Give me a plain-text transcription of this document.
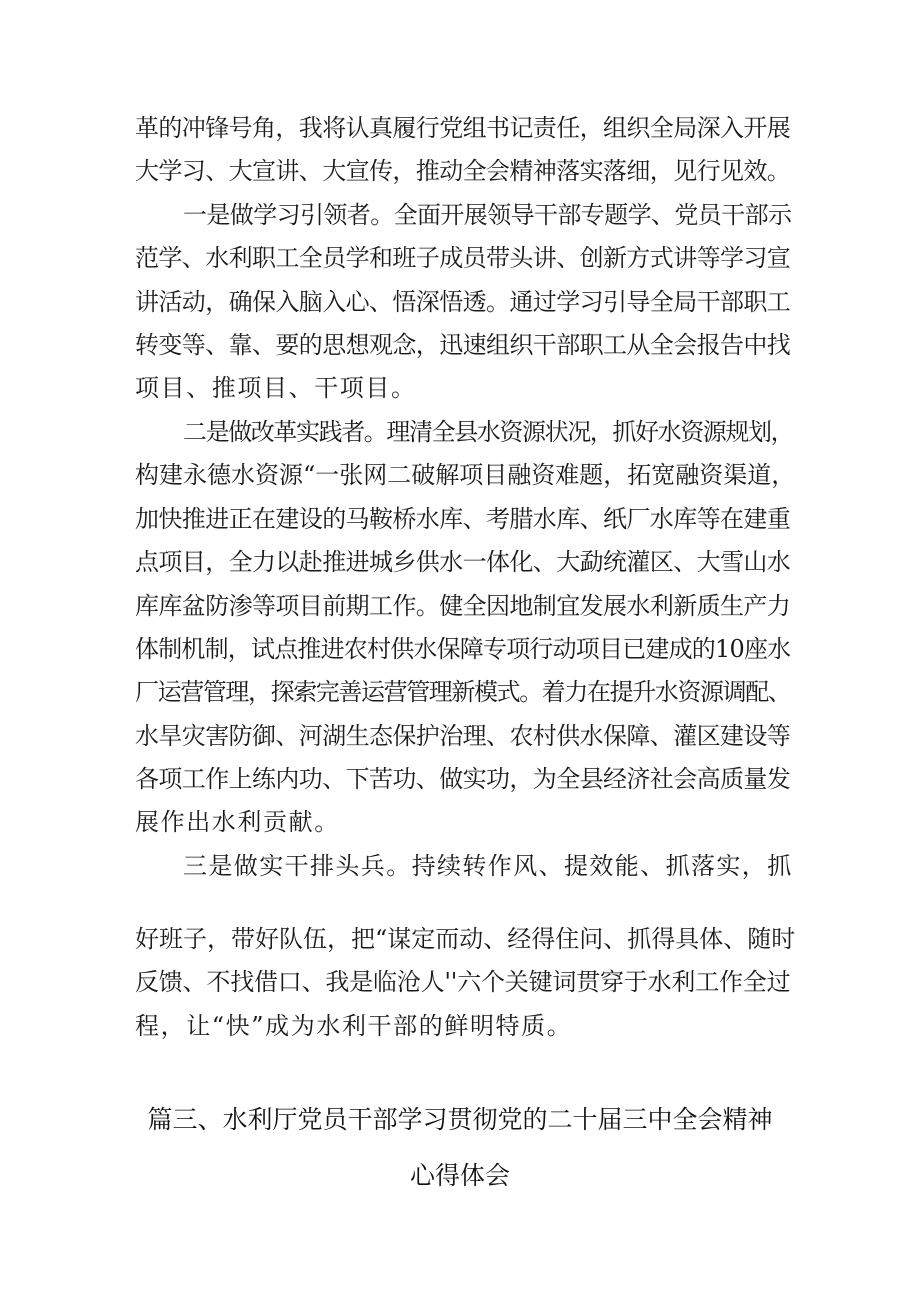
革的冲锋号角，我将认真履行党组书记责任，组织全局深入开展
大学习、大宣讲、大宣传，推动全会精神落实落细，见行见效。
一是做学习引领者。全面开展领导干部专题学、党员干部示
范学、水利职工全员学和班子成员带头讲、创新方式讲等学习宣
讲活动，确保入脑入心、悟深悟透。通过学习引导全局干部职工
转变等、靠、要的思想观念，迅速组织干部职工从全会报告中找
项目、推项目、干项目。
二是做改革实践者。理清全县水资源状况，抓好水资源规划，
构建永德水资源“一张网二破解项目融资难题，拓宽融资渠道，
加快推进正在建设的马鞍桥水库、考腊水库、纸厂水库等在建重
点项目，全力以赴推进城乡供水一体化、大勐统灌区、大雪山水
库库盆防渗等项目前期工作。健全因地制宜发展水利新质生产力
体制机制，试点推进农村供水保障专项行动项目已建成的10座水
厂运营管理，探索完善运营管理新模式。着力在提升水资源调配、
水旱灾害防御、河湖生态保护治理、农村供水保障、灌区建设等
各项工作上练内功、下苦功、做实功，为全县经济社会高质量发
展作出水利贡献。
三是做实干排头兵。持续转作风、提效能、抓落实，抓
好班子，带好队伍，把“谋定而动、经得住问、抓得具体、随时
反馈、不找借口、我是临沧人''六个关键词贯穿于水利工作全过
程，让“快”成为水利干部的鲜明特质。
篇三、水利厅党员干部学习贯彻党的二十届三中全会精神
心得体会
